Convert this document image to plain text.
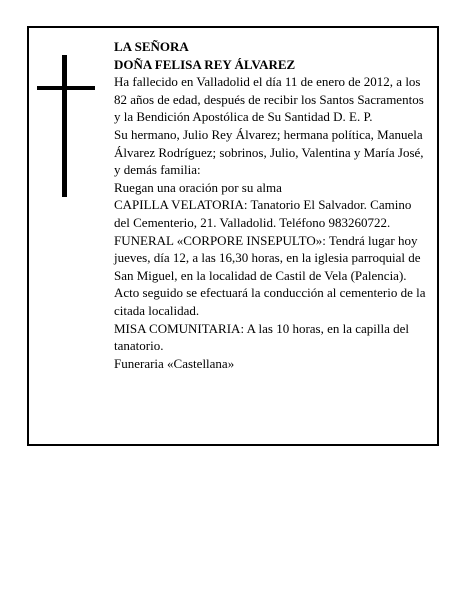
LA SEÑORA

DOÑA FELISA REY ÁLVAREZ

Ha fallecido en Valladolid el día 11 de enero de 2012, a los 82 años de edad, después de recibir los Santos Sacramentos y la Bendición Apostólica de Su Santidad D. E. P.

Su hermano, Julio Rey Álvarez; hermana política, Manuela Álvarez Rodríguez; sobrinos, Julio, Valentina y María José, y demás familia:

Ruegan una oración por su alma

CAPILLA VELATORIA: Tanatorio El Salvador. Camino del Cementerio, 21. Valladolid. Teléfono 983260722.

FUNERAL «CORPORE INSEPULTO»: Tendrá lugar hoy jueves, día 12, a las 16,30 horas, en la iglesia parroquial de San Miguel, en la localidad de Castil de Vela (Palencia). Acto seguido se efectuará la conducción al cementerio de la citada localidad.

MISA COMUNITARIA: A las 10 horas, en la capilla del tanatorio.

Funeraria «Castellana»
